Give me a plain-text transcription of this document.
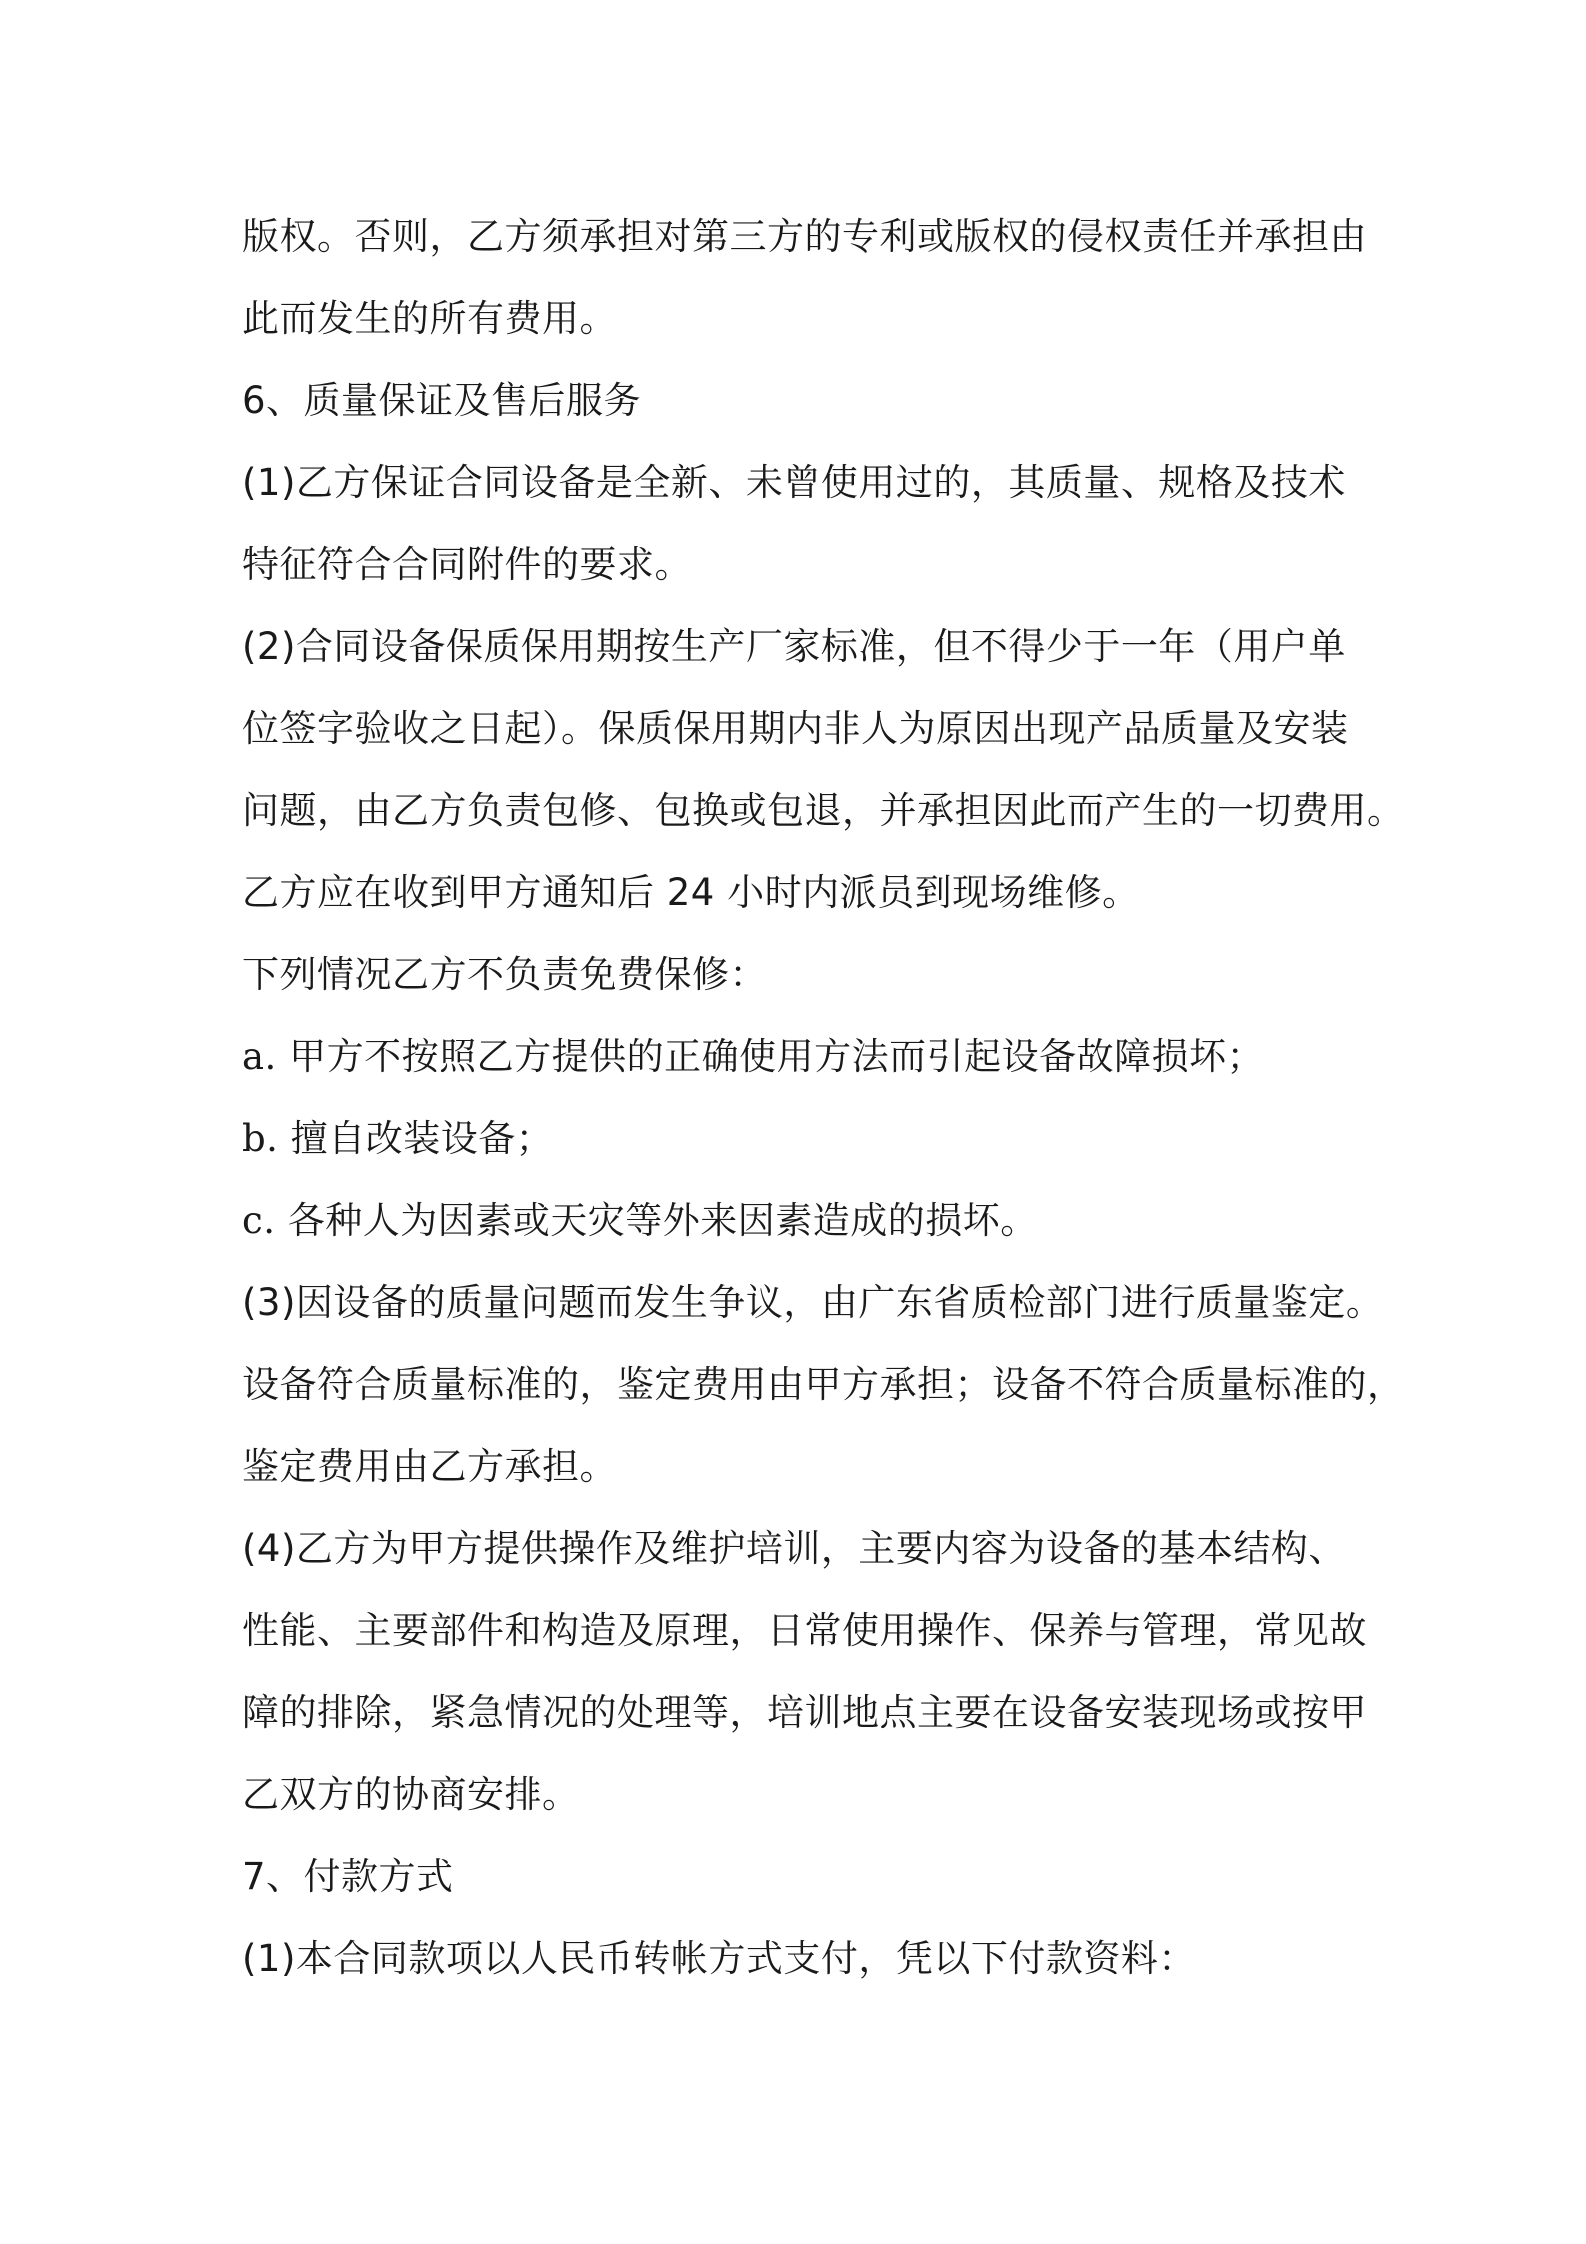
版权。否则，乙方须承担对第三方的专利或版权的侵权责任并承担由
此而发生的所有费用。
6、质量保证及售后服务
(1)乙方保证合同设备是全新、未曾使用过的，其质量、规格及技术
特征符合合同附件的要求。
(2)合同设备保质保用期按生产厂家标准，但不得少于一年（用户单
位签字验收之日起）。保质保用期内非人为原因出现产品质量及安装
问题，由乙方负责包修、包换或包退，并承担因此而产生的一切费用。
乙方应在收到甲方通知后 24 小时内派员到现场维修。
下列情况乙方不负责免费保修：
a. 甲方不按照乙方提供的正确使用方法而引起设备故障损坏；
b. 擅自改装设备；
c. 各种人为因素或天灾等外来因素造成的损坏。
(3)因设备的质量问题而发生争议，由广东省质检部门进行质量鉴定。
设备符合质量标准的，鉴定费用由甲方承担；设备不符合质量标准的，
鉴定费用由乙方承担。
(4)乙方为甲方提供操作及维护培训，主要内容为设备的基本结构、
性能、主要部件和构造及原理，日常使用操作、保养与管理，常见故
障的排除，紧急情况的处理等，培训地点主要在设备安装现场或按甲
乙双方的协商安排。
7、付款方式
(1)本合同款项以人民币转帐方式支付，凭以下付款资料：
